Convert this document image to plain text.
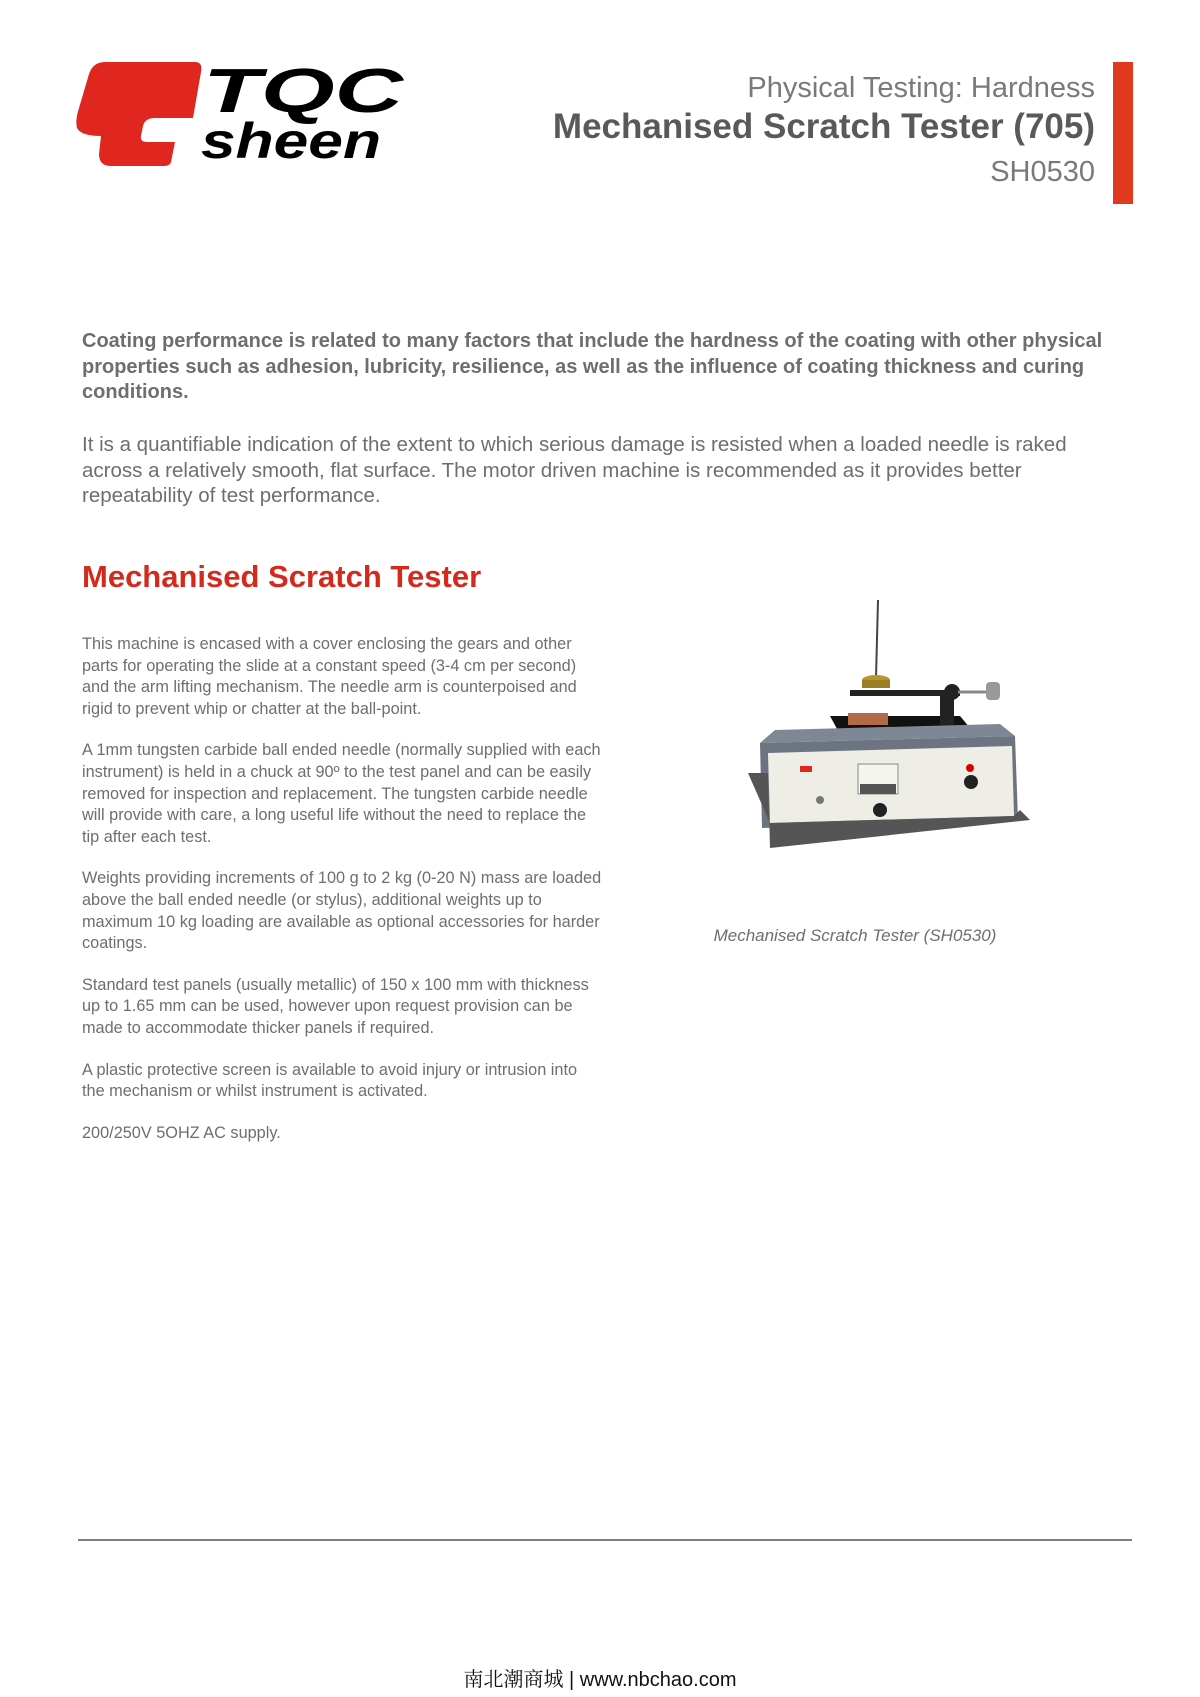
TQC
sheen
Physical Testing: Hardness
Mechanised Scratch Tester (705)
SH0530
Coating performance is related to many factors that include the hardness of the coating with other physical properties such as adhesion, lubricity, resilience, as well as the influence of coating thickness and curing conditions.
It is a quantifiable indication of the extent to which serious damage is resisted when a loaded needle is raked across a relatively smooth, flat surface. The motor driven machine is recommended as it provides better repeatability of test performance.
Mechanised Scratch Tester

This machine is encased with a cover enclosing the gears and other parts for operating the slide at a constant speed (3-4 cm per second) and the arm lifting mechanism. The needle arm is counterpoised and rigid to prevent whip or chatter at the ball-point.

A 1mm tungsten carbide ball ended needle (normally supplied with each instrument) is held in a chuck at 90º to the test panel and can be easily removed for inspection and replacement. The tungsten carbide needle will provide with care, a long useful life without the need to replace the tip after each test.

Weights providing increments of 100 g to 2 kg (0-20 N) mass are loaded above the ball ended needle (or stylus), additional weights up to maximum 10 kg loading are available as optional accessories for harder coatings.

Standard test panels (usually metallic) of 150 x 100 mm with thickness up to 1.65 mm can be used, however upon request provision can be made to accommodate thicker panels if required.

A plastic protective screen is available to avoid injury or intrusion into the mechanism or whilst instrument is activated.

200/250V 5OHZ AC supply.

Mechanised Scratch Tester (SH0530)
南北潮商城 | www.nbchao.com
